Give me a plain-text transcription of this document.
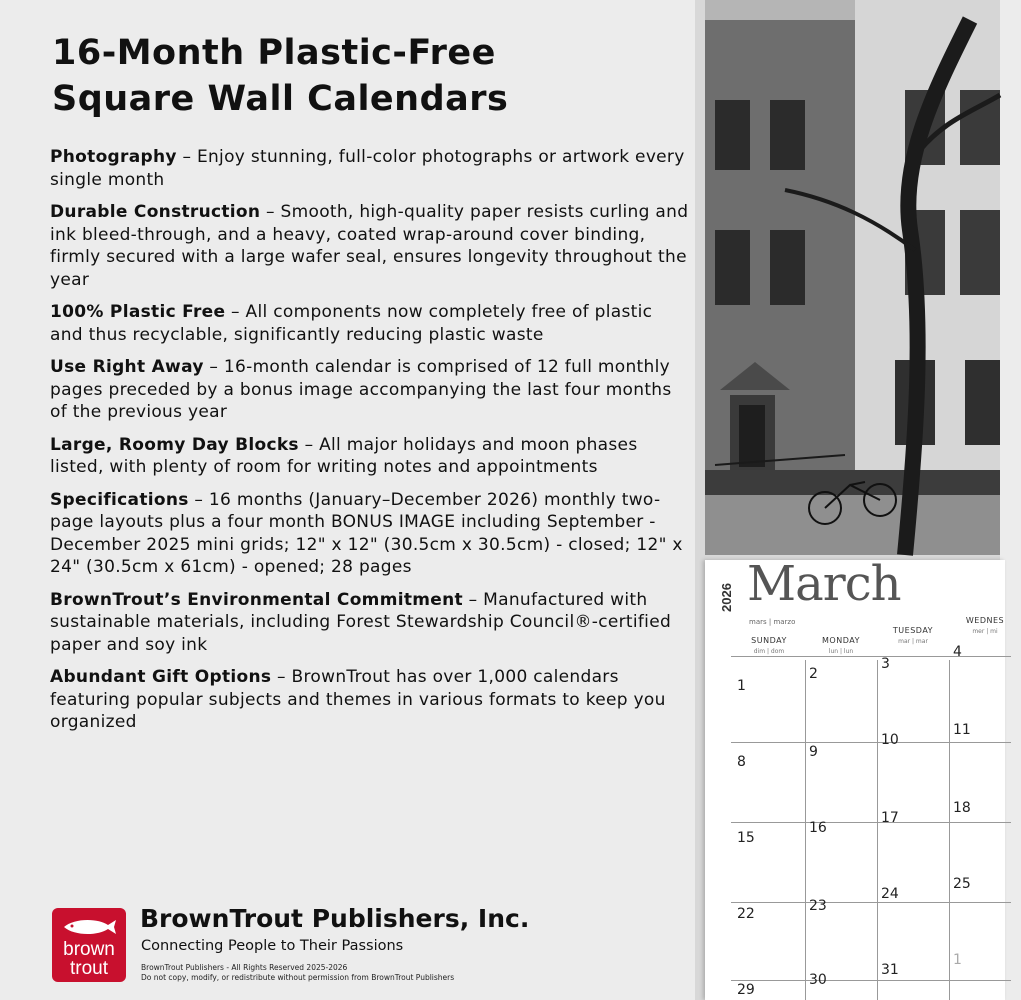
16-Month Plastic-Free
Square Wall Calendars

Photography – Enjoy stunning, full-color photographs or artwork every single month

Durable Construction – Smooth, high-quality paper resists curling and ink bleed-through, and a heavy, coated wrap-around cover binding, firmly secured with a large wafer seal, ensures longevity throughout the year

100% Plastic Free – All components now completely free of plastic and thus recyclable, significantly reducing plastic waste

Use Right Away – 16-month calendar is comprised of 12 full monthly pages preceded by a bonus image accompanying the last four months of the previous year

Large, Roomy Day Blocks – All major holidays and moon phases listed, with plenty of room for writing notes and appointments

Specifications – 16 months (January–December 2026) monthly two-page layouts plus a four month BONUS IMAGE including September - December 2025 mini grids; 12" x 12" (30.5cm x 30.5cm) - closed; 12" x 24" (30.5cm x 61cm) - opened; 28 pages

BrownTrout’s Environmental Commitment – Manufactured with sustainable materials, including Forest Stewardship Council®-certified paper and soy ink

Abundant Gift Options – BrownTrout has over 1,000 calendars featuring popular subjects and themes in various formats to keep you organized

brown
trout

BrownTrout Publishers, Inc.

Connecting People to Their Passions

BrownTrout Publishers - All Rights Reserved 2025-2026

Do not copy, modify, or redistribute without permission from BrownTrout Publishers

2026 March
mars | marzo
SUNDAY
dim | dom
MONDAY
lun | lun
TUESDAY
mar | mar
WEDNES
mer | mi
1
2
3
4
8
9
10
11
15
16
17
18
22	23
24
25
29
30
31
1
